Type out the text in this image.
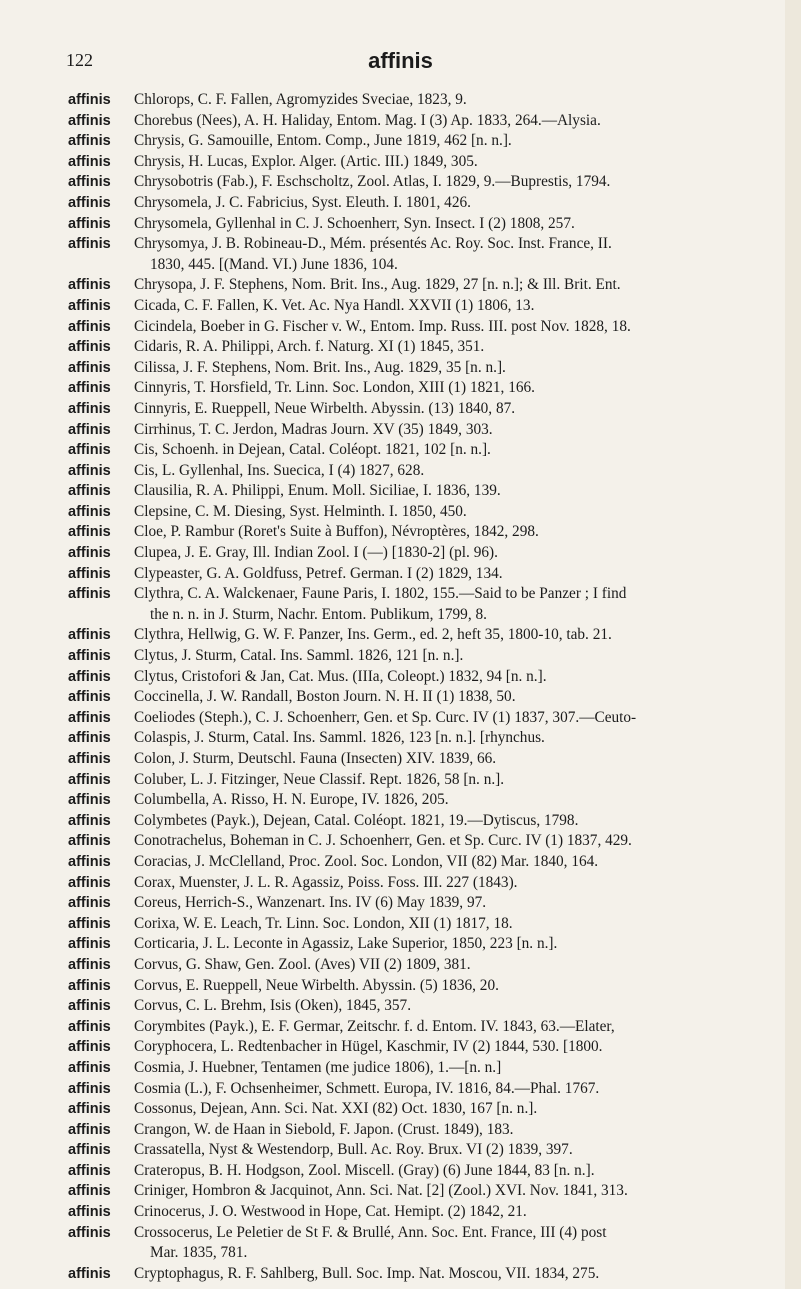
122	affinis
affinis	Chlorops, C. F. Fallen, Agromyzides Sveciae, 1823, 9.
affinis	Chorebus (Nees), A. H. Haliday, Entom. Mag. I (3) Ap. 1833, 264.—Alysia.
affinis	Chrysis, G. Samouille, Entom. Comp., June 1819, 462 [n. n.].
affinis	Chrysis, H. Lucas, Explor. Alger. (Artic. III.) 1849, 305.
affinis	Chrysobotris (Fab.), F. Eschscholtz, Zool. Atlas, I. 1829, 9.—Buprestis, 1794.
affinis	Chrysomela, J. C. Fabricius, Syst. Eleuth. I. 1801, 426.
affinis	Chrysomela, Gyllenhal in C. J. Schoenherr, Syn. Insect. I (2) 1808, 257.
affinis	Chrysomya, J. B. Robineau-D., Mém. présentés Ac. Roy. Soc. Inst. France, II.
1830, 445. [(Mand. VI.) June 1836, 104.
affinis	Chrysopa, J. F. Stephens, Nom. Brit. Ins., Aug. 1829, 27 [n. n.]; & Ill. Brit. Ent.
affinis	Cicada, C. F. Fallen, K. Vet. Ac. Nya Handl. XXVII (1) 1806, 13.
affinis	Cicindela, Boeber in G. Fischer v. W., Entom. Imp. Russ. III. post Nov. 1828, 18.
affinis	Cidaris, R. A. Philippi, Arch. f. Naturg. XI (1) 1845, 351.
affinis	Cilissa, J. F. Stephens, Nom. Brit. Ins., Aug. 1829, 35 [n. n.].
affinis	Cinnyris, T. Horsfield, Tr. Linn. Soc. London, XIII (1) 1821, 166.
affinis	Cinnyris, E. Rueppell, Neue Wirbelth. Abyssin. (13) 1840, 87.
affinis	Cirrhinus, T. C. Jerdon, Madras Journ. XV (35) 1849, 303.
affinis	Cis, Schoenh. in Dejean, Catal. Coléopt. 1821, 102 [n. n.].
affinis	Cis, L. Gyllenhal, Ins. Suecica, I (4) 1827, 628.
affinis	Clausilia, R. A. Philippi, Enum. Moll. Siciliae, I. 1836, 139.
affinis	Clepsine, C. M. Diesing, Syst. Helminth. I. 1850, 450.
affinis	Cloe, P. Rambur (Roret's Suite à Buffon), Névroptères, 1842, 298.
affinis	Clupea, J. E. Gray, Ill. Indian Zool. I (—) [1830-2] (pl. 96).
affinis	Clypeaster, G. A. Goldfuss, Petref. German. I (2) 1829, 134.
affinis	Clythra, C. A. Walckenaer, Faune Paris, I. 1802, 155.—Said to be Panzer ; I find
the n. n. in J. Sturm, Nachr. Entom. Publikum, 1799, 8.
affinis	Clythra, Hellwig, G. W. F. Panzer, Ins. Germ., ed. 2, heft 35, 1800-10, tab. 21.
affinis	Clytus, J. Sturm, Catal. Ins. Samml. 1826, 121 [n. n.].
affinis	Clytus, Cristofori & Jan, Cat. Mus. (IIIa, Coleopt.) 1832, 94 [n. n.].
affinis	Coccinella, J. W. Randall, Boston Journ. N. H. II (1) 1838, 50.
affinis	Coeliodes (Steph.), C. J. Schoenherr, Gen. et Sp. Curc. IV (1) 1837, 307.—Ceuto-
affinis	Colaspis, J. Sturm, Catal. Ins. Samml. 1826, 123 [n. n.]. [rhynchus.
affinis	Colon, J. Sturm, Deutschl. Fauna (Insecten) XIV. 1839, 66.
affinis	Coluber, L. J. Fitzinger, Neue Classif. Rept. 1826, 58 [n. n.].
affinis	Columbella, A. Risso, H. N. Europe, IV. 1826, 205.
affinis	Colymbetes (Payk.), Dejean, Catal. Coléopt. 1821, 19.—Dytiscus, 1798.
affinis	Conotrachelus, Boheman in C. J. Schoenherr, Gen. et Sp. Curc. IV (1) 1837, 429.
affinis	Coracias, J. McClelland, Proc. Zool. Soc. London, VII (82) Mar. 1840, 164.
affinis	Corax, Muenster, J. L. R. Agassiz, Poiss. Foss. III. 227 (1843).
affinis	Coreus, Herrich-S., Wanzenart. Ins. IV (6) May 1839, 97.
affinis	Corixa, W. E. Leach, Tr. Linn. Soc. London, XII (1) 1817, 18.
affinis	Corticaria, J. L. Leconte in Agassiz, Lake Superior, 1850, 223 [n. n.].
affinis	Corvus, G. Shaw, Gen. Zool. (Aves) VII (2) 1809, 381.
affinis	Corvus, E. Rueppell, Neue Wirbelth. Abyssin. (5) 1836, 20.
affinis	Corvus, C. L. Brehm, Isis (Oken), 1845, 357.
affinis	Corymbites (Payk.), E. F. Germar, Zeitschr. f. d. Entom. IV. 1843, 63.—Elater,
affinis	Coryphocera, L. Redtenbacher in Hügel, Kaschmir, IV (2) 1844, 530. [1800.
affinis	Cosmia, J. Huebner, Tentamen (me judice 1806), 1.—[n. n.]
affinis	Cosmia (L.), F. Ochsenheimer, Schmett. Europa, IV. 1816, 84.—Phal. 1767.
affinis	Cossonus, Dejean, Ann. Sci. Nat. XXI (82) Oct. 1830, 167 [n. n.].
affinis	Crangon, W. de Haan in Siebold, F. Japon. (Crust. 1849), 183.
affinis	Crassatella, Nyst & Westendorp, Bull. Ac. Roy. Brux. VI (2) 1839, 397.
affinis	Crateropus, B. H. Hodgson, Zool. Miscell. (Gray) (6) June 1844, 83 [n. n.].
affinis	Criniger, Hombron & Jacquinot, Ann. Sci. Nat. [2] (Zool.) XVI. Nov. 1841, 313.
affinis	Crinocerus, J. O. Westwood in Hope, Cat. Hemipt. (2) 1842, 21.
affinis	Crossocerus, Le Peletier de St F. & Brullé, Ann. Soc. Ent. France, III (4) post
Mar. 1835, 781.
affinis	Cryptophagus, R. F. Sahlberg, Bull. Soc. Imp. Nat. Moscou, VII. 1834, 275.
